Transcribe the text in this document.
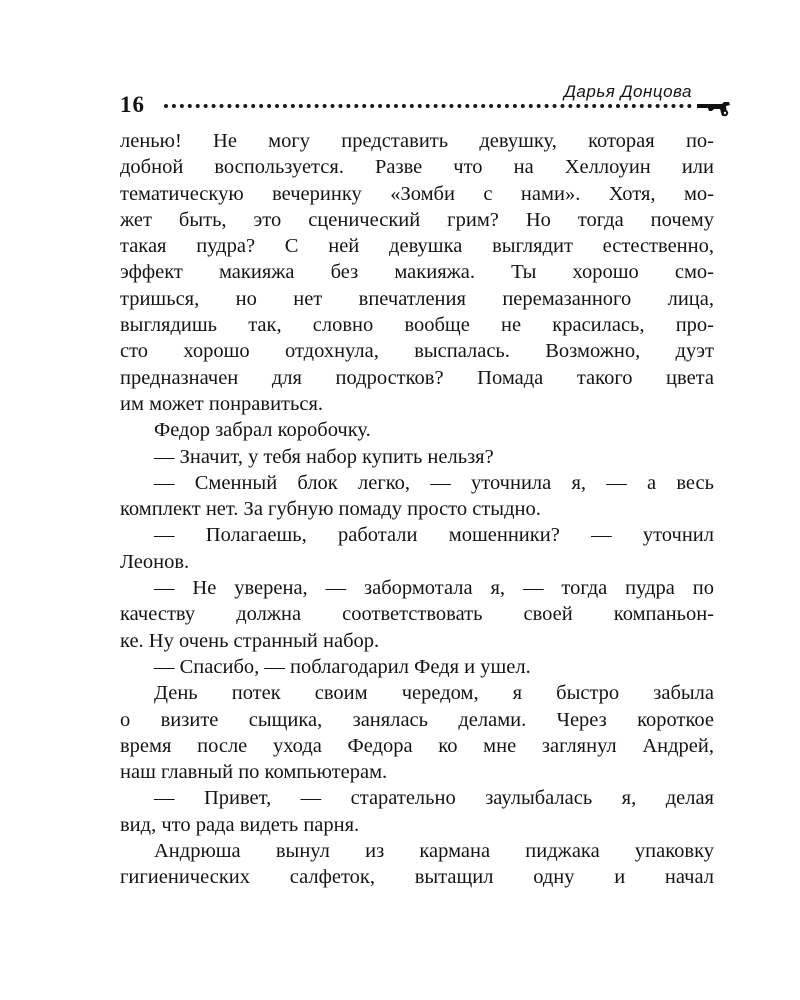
16
Дарья Донцова

ленью! Не могу представить девушку, которая по-

добной воспользуется. Разве что на Хеллоуин или

тематическую вечеринку «Зомби с нами». Хотя, мо-

жет быть, это сценический грим? Но тогда почему

такая пудра? С ней девушка выглядит естественно,

эффект макияжа без макияжа. Ты хорошо смо-

тришься, но нет впечатления перемазанного лица,

выглядишь так, словно вообще не красилась, про-

сто хорошо отдохнула, выспалась. Возможно, дуэт

предназначен для подростков? Помада такого цвета

им может понравиться.

Федор забрал коробочку.

— Значит, у тебя набор купить нельзя?

— Сменный блок легко, — уточнила я, — а весь

комплект нет. За губную помаду просто стыдно.

— Полагаешь, работали мошенники? — уточнил

Леонов.

— Не уверена, — забормотала я, — тогда пудра по

качеству должна соответствовать своей компаньон-

ке. Ну очень странный набор.

— Спасибо, — поблагодарил Федя и ушел.

День потек своим чередом, я быстро забыла

о визите сыщика, занялась делами. Через короткое

время после ухода Федора ко мне заглянул Андрей,

наш главный по компьютерам.

— Привет, — старательно заулыбалась я, делая

вид, что рада видеть парня.

Андрюша вынул из кармана пиджака упаковку

гигиенических салфеток, вытащил одну и начал
